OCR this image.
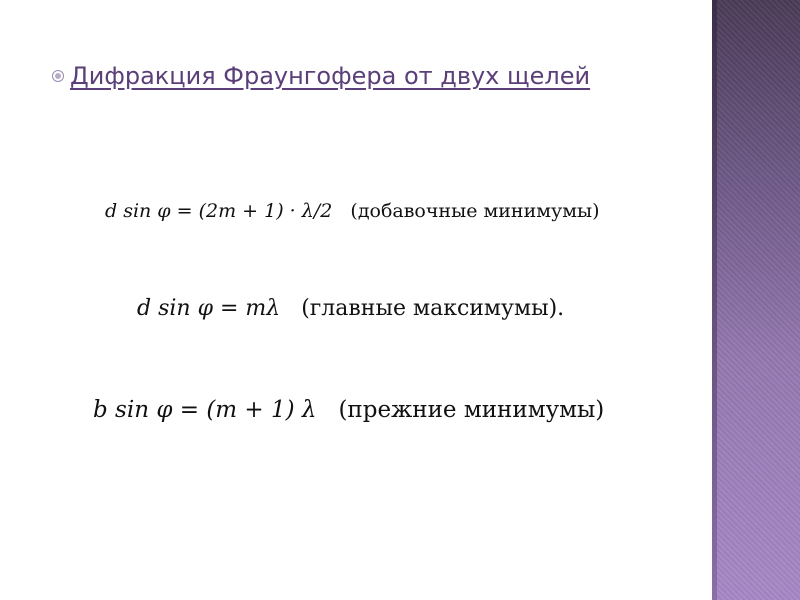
Дифракция Фраунгофера от двух щелей
d sin φ = (2m + 1) · λ/2 (добавочные минимумы)
d sin φ = mλ (главные максимумы).
b sin φ = (m + 1) λ (прежние минимумы)
